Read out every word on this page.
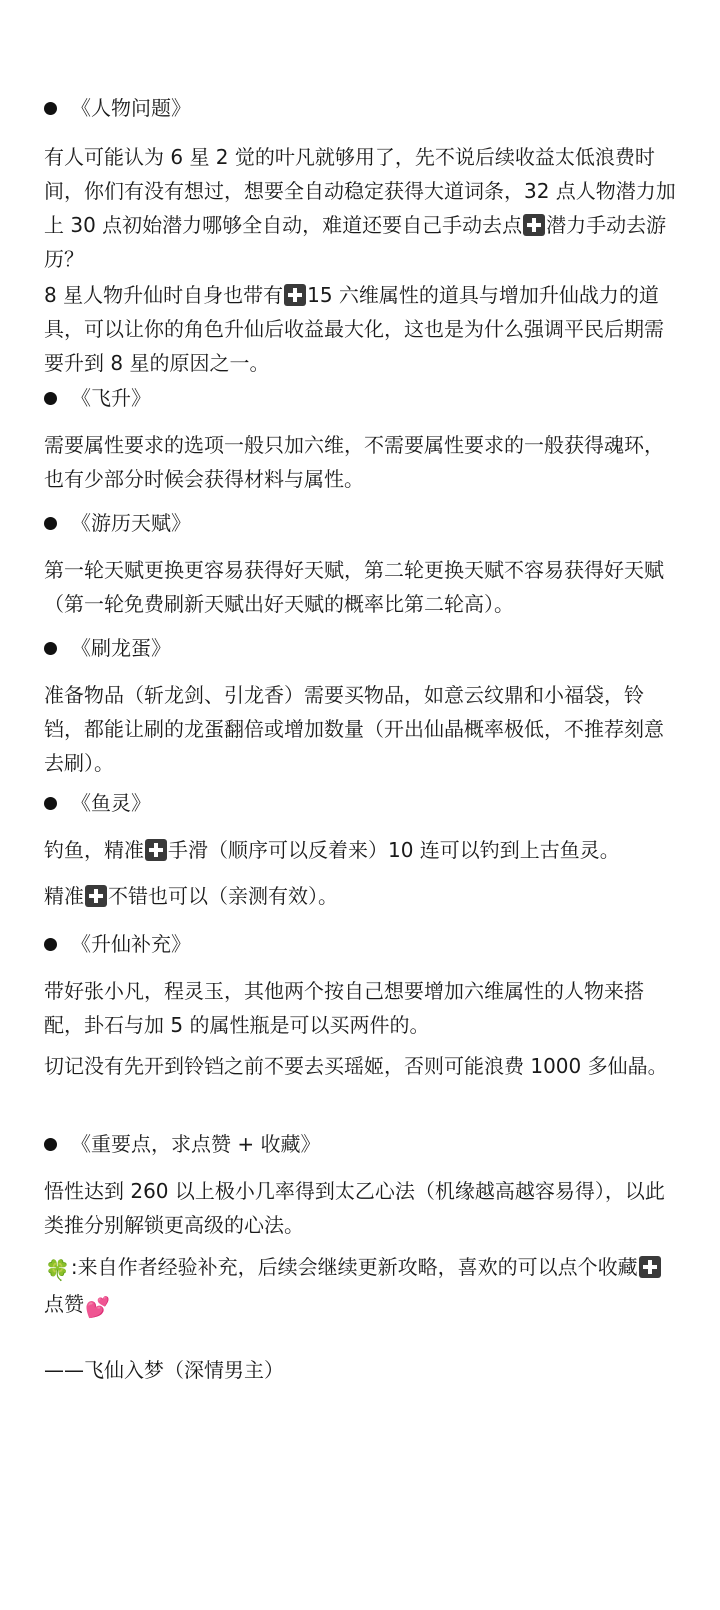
《人物问题》
有人可能认为 6 星 2 觉的叶凡就够用了，先不说后续收益太低浪费时间，你们有没有想过，想要全自动稳定获得大道词条，32 点人物潜力加上 30 点初始潜力哪够全自动，难道还要自己手动去点 潜力手动去游历？
8 星人物升仙时自身也带有 15 六维属性的道具与增加升仙战力的道具，可以让你的角色升仙后收益最大化，这也是为什么强调平民后期需要升到 8 星的原因之一。
《飞升》
需要属性要求的选项一般只加六维，不需要属性要求的一般获得魂环，也有少部分时候会获得材料与属性。
《游历天赋》
第一轮天赋更换更容易获得好天赋，第二轮更换天赋不容易获得好天赋（第一轮免费刷新天赋出好天赋的概率比第二轮高）。
《刷龙蛋》
准备物品（斩龙剑、引龙香）需要买物品，如意云纹鼎和小福袋，铃铛，都能让刷的龙蛋翻倍或增加数量（开出仙晶概率极低，不推荐刻意去刷）。
《鱼灵》
钓鱼，精准 手滑（顺序可以反着来）10 连可以钓到上古鱼灵。
精准 不错也可以（亲测有效）。
《升仙补充》
带好张小凡，程灵玉，其他两个按自己想要增加六维属性的人物来搭配，卦石与加 5 的属性瓶是可以买两件的。
切记没有先开到铃铛之前不要去买瑶姬，否则可能浪费 1000 多仙晶。
《重要点，求点赞 + 收藏》
悟性达到 260 以上极小几率得到太乙心法（机缘越高越容易得），以此类推分别解锁更高级的心法。
🍀:来自作者经验补充，后续会继续更新攻略，喜欢的可以点个收藏点赞💕
——飞仙入梦（深情男主）
